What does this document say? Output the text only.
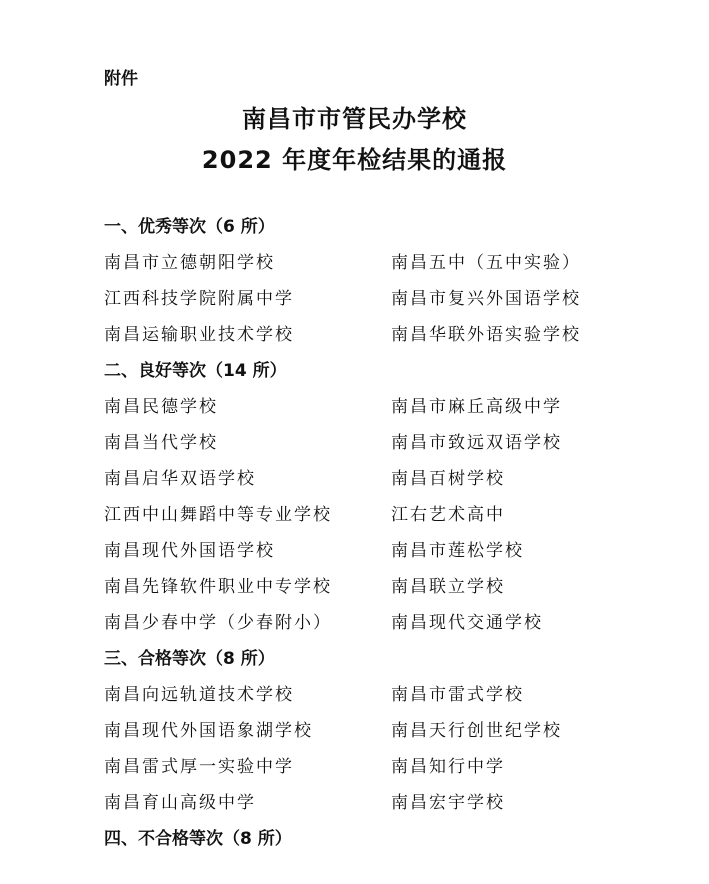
附件
南昌市市管民办学校
2022 年度年检结果的通报
一、优秀等次（6 所）
南昌市立德朝阳学校	南昌五中（五中实验）
江西科技学院附属中学	南昌市复兴外国语学校
南昌运输职业技术学校	南昌华联外语实验学校
二、良好等次（14 所）
南昌民德学校	南昌市麻丘高级中学
南昌当代学校	南昌市致远双语学校
南昌启华双语学校	南昌百树学校
江西中山舞蹈中等专业学校	江右艺术高中
南昌现代外国语学校	南昌市莲松学校
南昌先锋软件职业中专学校	南昌联立学校
南昌少春中学（少春附小）	南昌现代交通学校
三、合格等次（8 所）
南昌向远轨道技术学校	南昌市雷式学校
南昌现代外国语象湖学校	南昌天行创世纪学校
南昌雷式厚一实验中学	南昌知行中学
南昌育山高级中学	南昌宏宇学校
四、不合格等次（8 所）
